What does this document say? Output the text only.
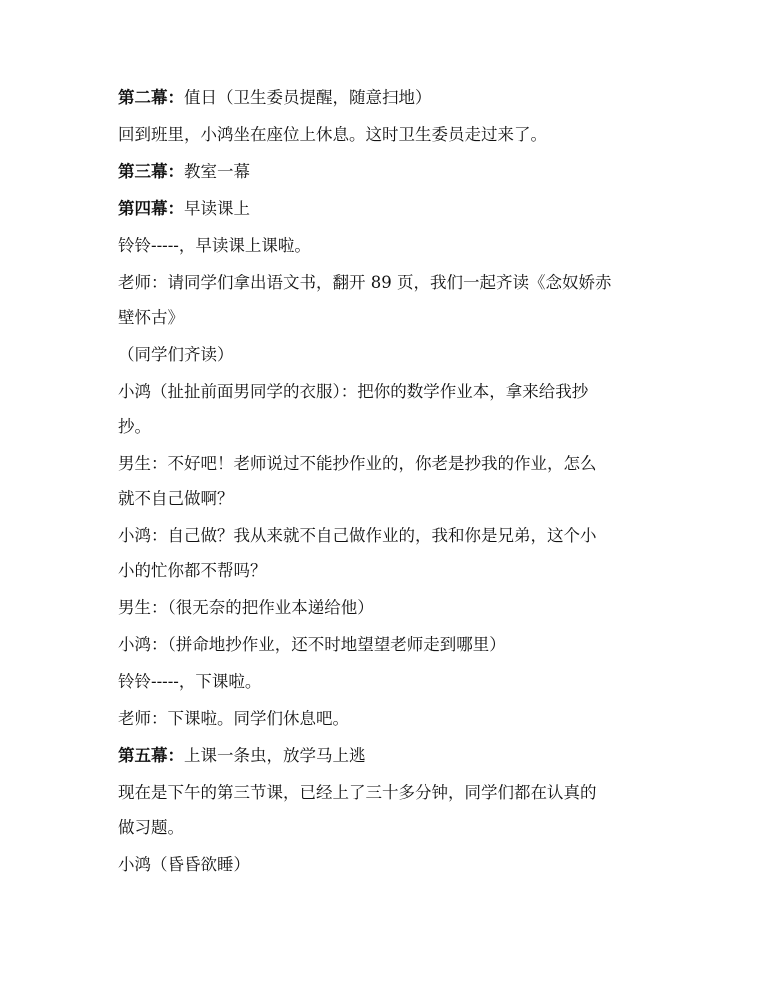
第二幕：值日（卫生委员提醒，随意扫地）
回到班里，小鸿坐在座位上休息。这时卫生委员走过来了。
第三幕：教室一幕
第四幕：早读课上
铃铃-----，早读课上课啦。
老师：请同学们拿出语文书，翻开 89 页，我们一起齐读《念奴娇赤
壁怀古》
（同学们齐读）
小鸿（扯扯前面男同学的衣服）：把你的数学作业本，拿来给我抄
抄。
男生：不好吧！老师说过不能抄作业的，你老是抄我的作业，怎么
就不自己做啊？
小鸿：自己做？我从来就不自己做作业的，我和你是兄弟，这个小
小的忙你都不帮吗？
男生：（很无奈的把作业本递给他）
小鸿：（拼命地抄作业，还不时地望望老师走到哪里）
铃铃-----，下课啦。
老师：下课啦。同学们休息吧。
第五幕：上课一条虫，放学马上逃
现在是下午的第三节课，已经上了三十多分钟，同学们都在认真的
做习题。
小鸿（昏昏欲睡）
